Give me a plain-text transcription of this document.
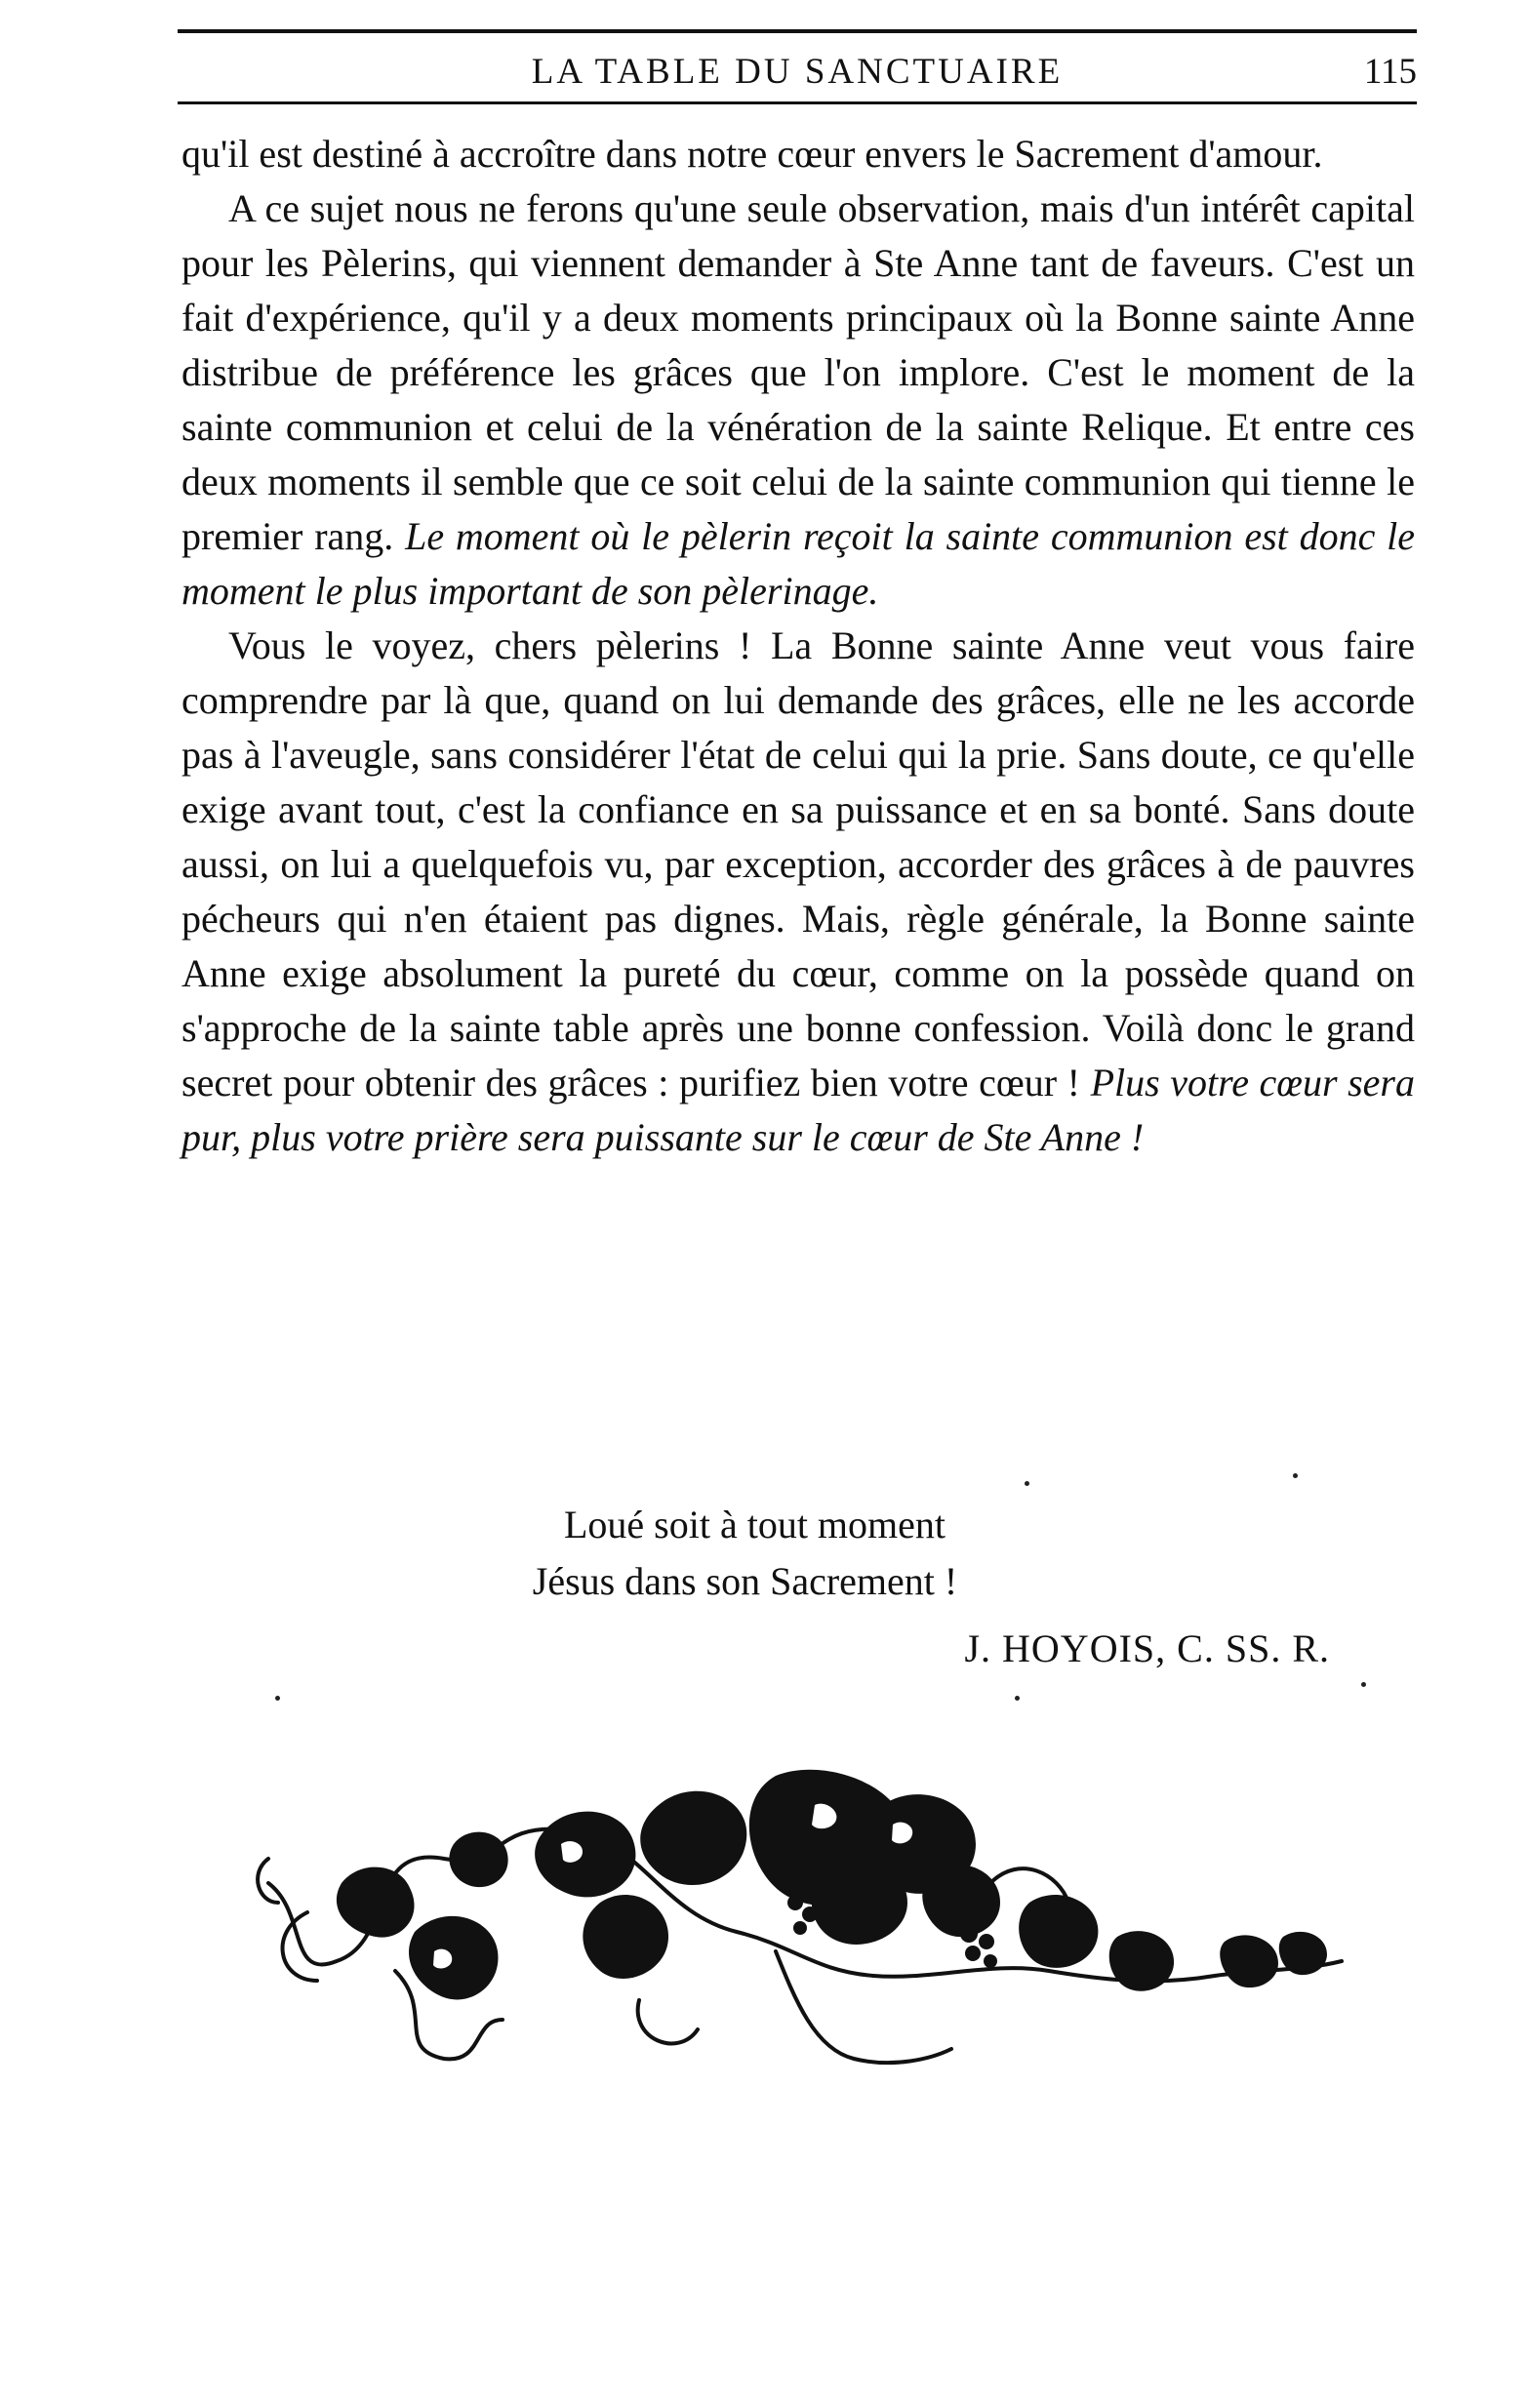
LA TABLE DU SANCTUAIRE	115

qu'il est destiné à accroître dans notre cœur envers le Sacrement d'amour.

A ce sujet nous ne ferons qu'une seule observation, mais d'un intérêt capital pour les Pèlerins, qui viennent demander à Ste Anne tant de faveurs. C'est un fait d'expérience, qu'il y a deux moments principaux où la Bonne sainte Anne distribue de préférence les grâces que l'on implore. C'est le moment de la sainte communion et celui de la vénération de la sainte Relique. Et entre ces deux moments il semble que ce soit celui de la sainte communion qui tienne le premier rang. Le moment où le pèlerin reçoit la sainte communion est donc le moment le plus important de son pèlerinage.

Vous le voyez, chers pèlerins ! La Bonne sainte Anne veut vous faire comprendre par là que, quand on lui demande des grâces, elle ne les accorde pas à l'aveugle, sans considérer l'état de celui qui la prie. Sans doute, ce qu'elle exige avant tout, c'est la confiance en sa puissance et en sa bonté. Sans doute aussi, on lui a quelquefois vu, par exception, accorder des grâces à de pauvres pécheurs qui n'en étaient pas dignes. Mais, règle générale, la Bonne sainte Anne exige absolument la pureté du cœur, comme on la possède quand on s'approche de la sainte table après une bonne confession. Voilà donc le grand secret pour obtenir des grâces : purifiez bien votre cœur ! Plus votre cœur sera pur, plus votre prière sera puissante sur le cœur de Ste Anne !

Loué soit à tout moment
Jésus dans son Sacrement !
J. HOYOIS, C. SS. R.
